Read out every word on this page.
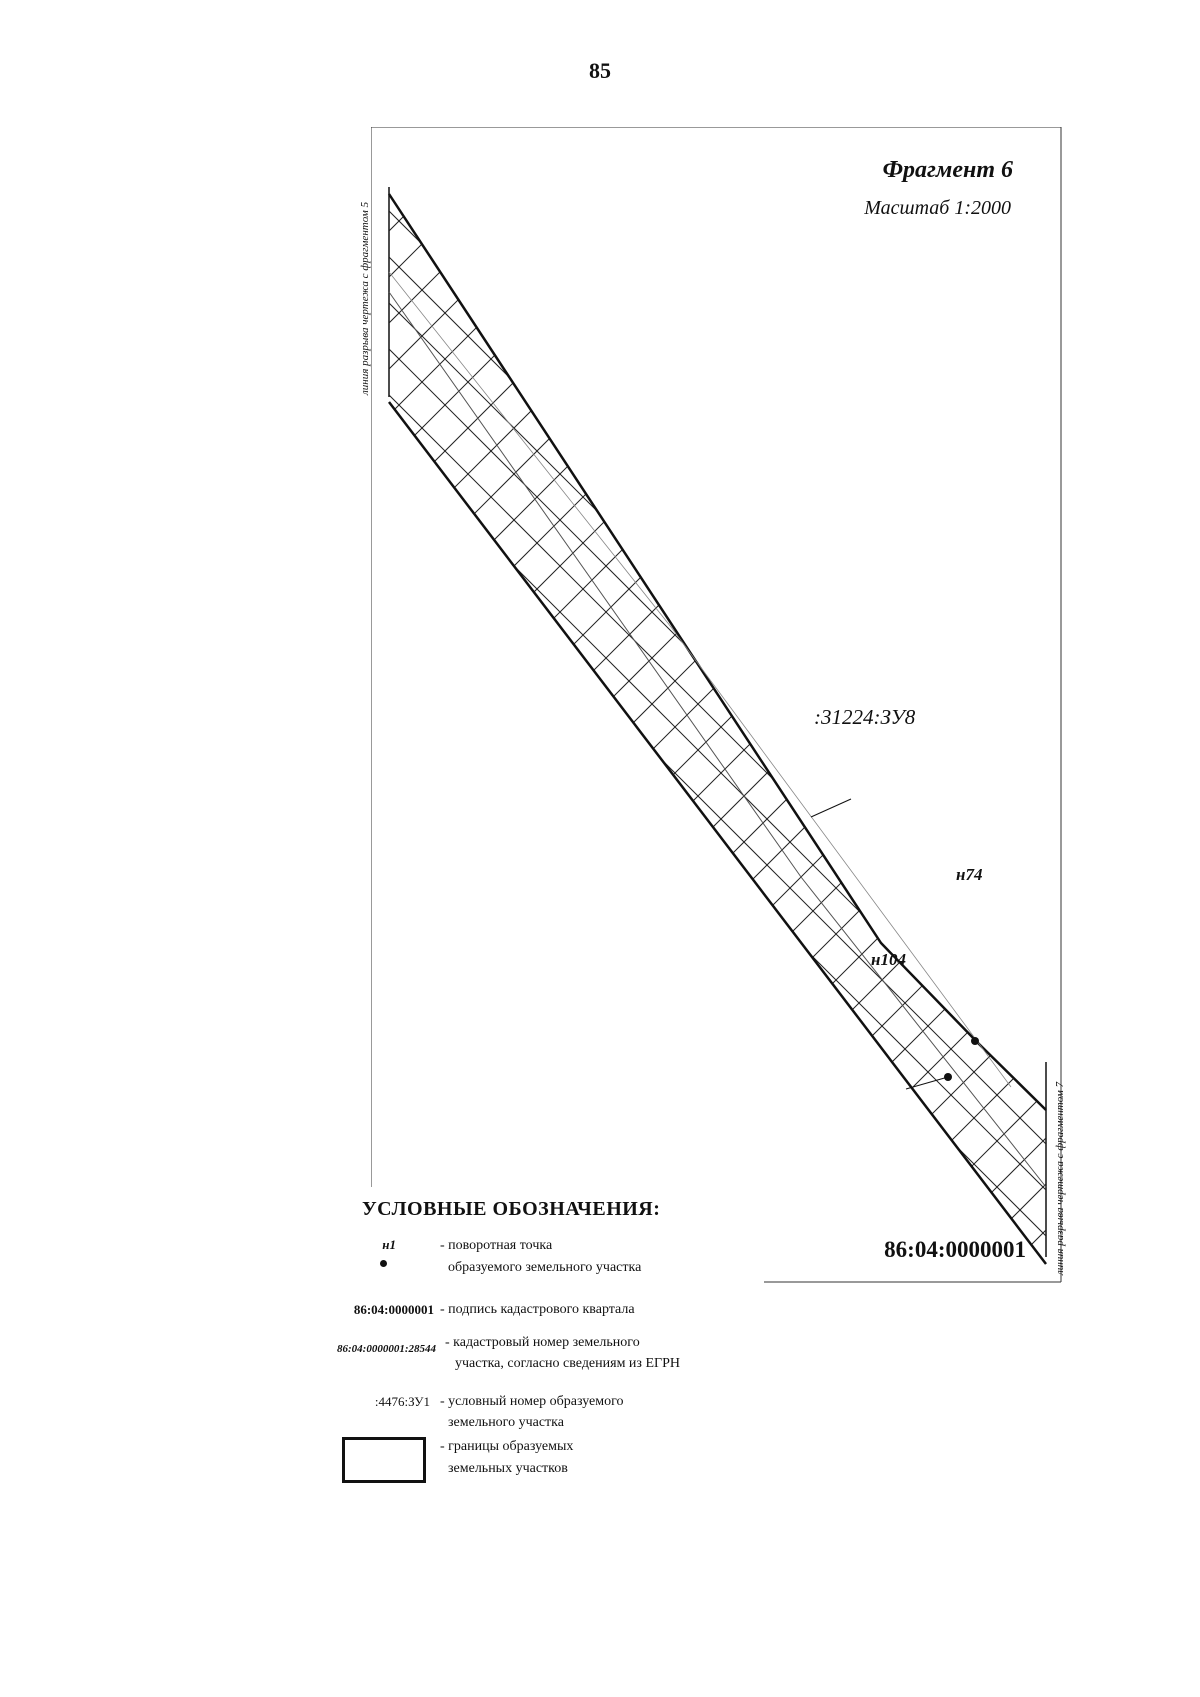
85
Фрагмент 6
Масштаб 1:2000
линия разрыва чертежа с фрагментом 5
линия разрыва чертежа с фрагментом 7
:31224:ЗУ8
н74
н104
86:04:0000001
УСЛОВНЫЕ ОБОЗНАЧЕНИЯ:
н1	- поворотная точка
образуемого земельного участка
86:04:0000001 - подпись кадастрового квартала
86:04:0000001:28544 - кадастровый номер земельного
участка, согласно сведениям из ЕГРН
:4476:ЗУ1 - условный номер образуемого
земельного участка
- границы образуемых
земельных участков
